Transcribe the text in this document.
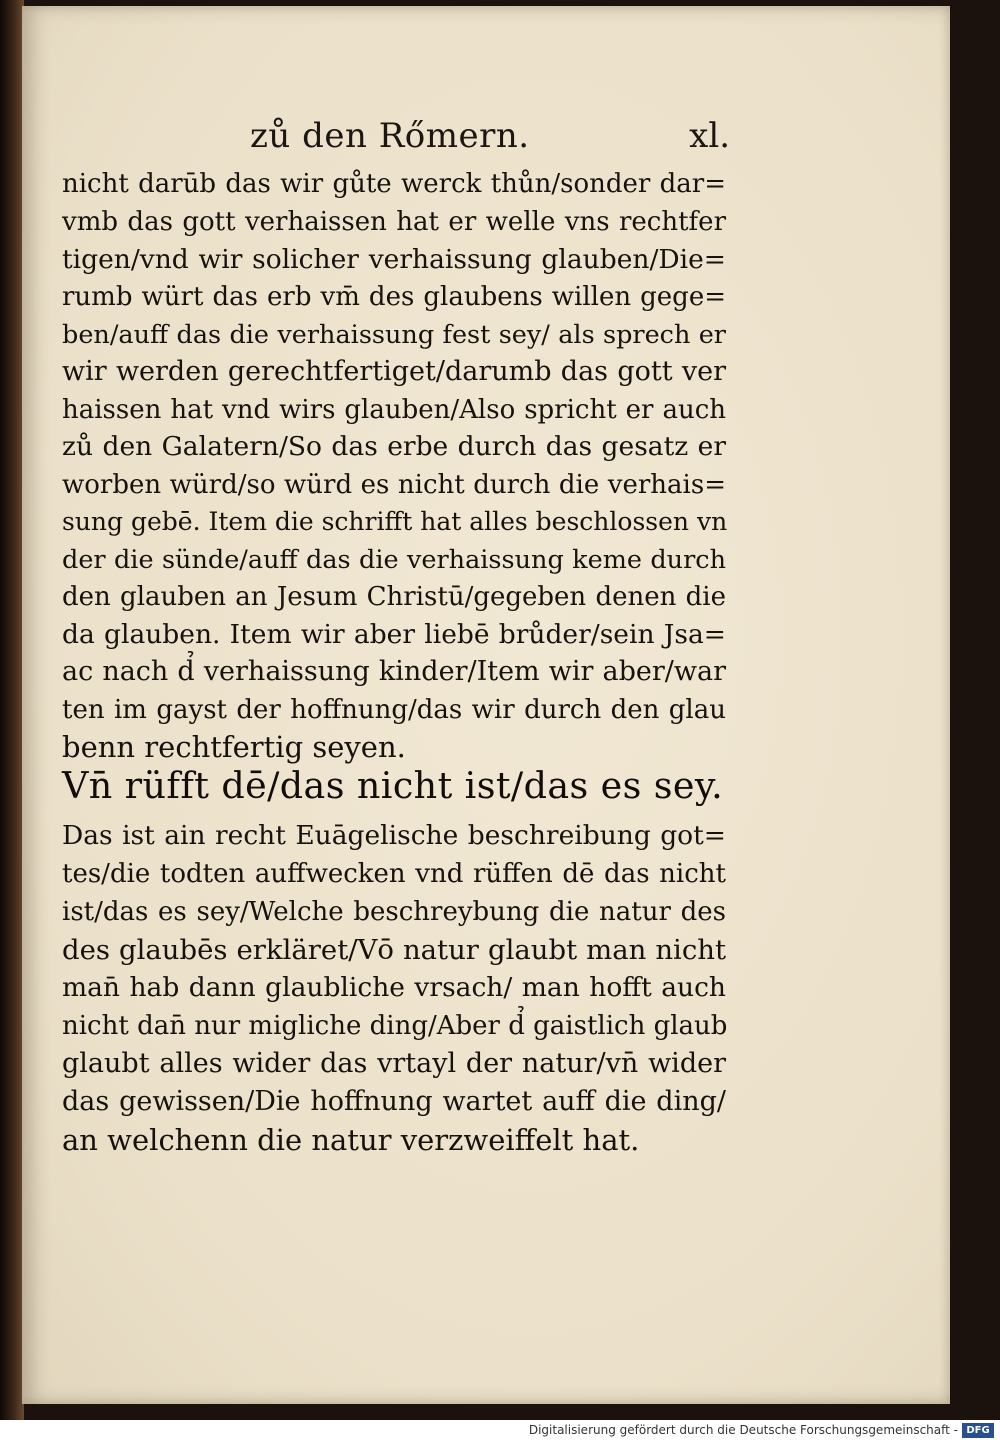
zů den Rőmern.	xl.
nicht darūb das wir gůte werck thůn/sonder dar=
vmb das gott verhaissen hat er welle vns rechtfer
tigen/vnd wir solicher verhaissung glauben/Die=
rumb würt das erb vm̄ des glaubens willen gege=
ben/auff das die verhaissung fest sey/ als sprech er
wir werden gerechtfertiget/darumb das gott ver
haissen hat vnd wirs glauben/Also spricht er auch
zů den Galatern/So das erbe durch das gesatz er
worben würd/so würd es nicht durch die verhais=
sung gebē. Item die schrifft hat alles beschlossen vn
der die sünde/auff das die verhaissung keme durch
den glauben an Jesum Christū/gegeben denen die
da glauben. Item wir aber liebē brůder/sein Jsa=
ac nach d̉ verhaissung kinder/Item wir aber/war
ten im gayst der hoffnung/das wir durch den glau
benn rechtfertig seyen.
Vn̄ rüfft dē/das nicht ist/das es sey.
Das ist ain recht Euāgelische beschreibung got=
tes/die todten auffwecken vnd rüffen dē das nicht
ist/das es sey/Welche beschreybung die natur des
des glaubēs erkläret/Vō natur glaubt man nicht
man̄ hab dann glaubliche vrsach/ man hofft auch
nicht dan̄ nur migliche ding/Aber d̉ gaistlich glaub
glaubt alles wider das vrtayl der natur/vn̄ wider
das gewissen/Die hoffnung wartet auff die ding/
an welchenn die natur verzweiffelt hat.
Digitalisierung gefördert durch die Deutsche Forschungsgemeinschaft - DFG
